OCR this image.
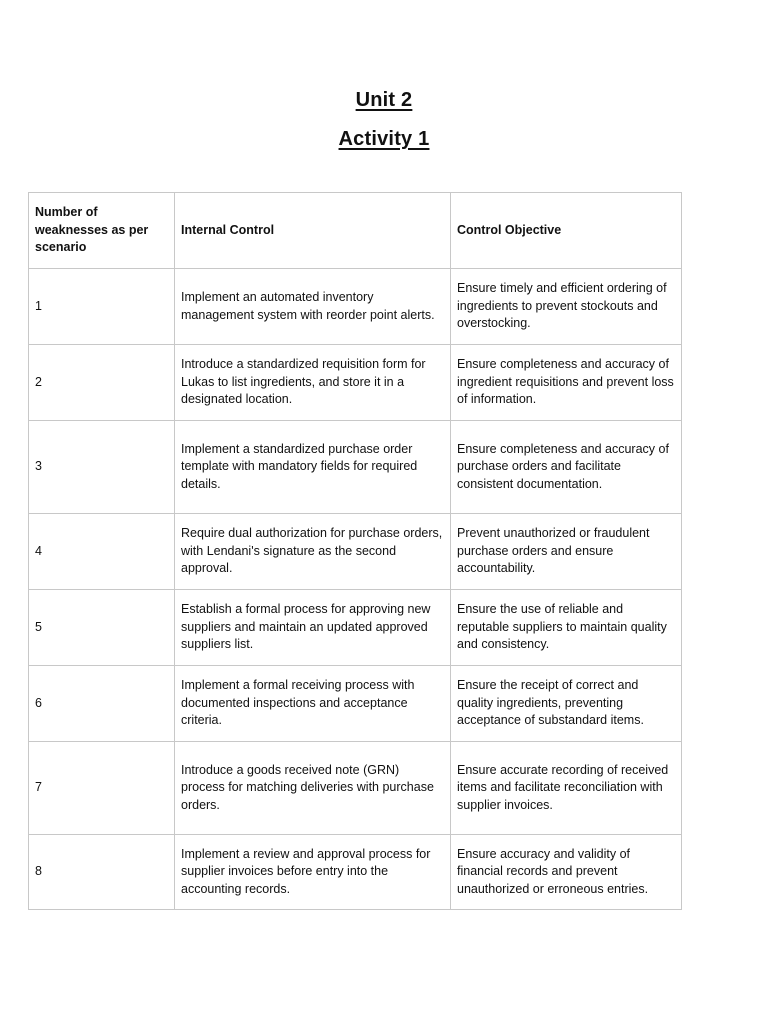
Unit 2
Activity 1
Number of weaknesses as per scenario	Internal Control	Control Objective
1	Implement an automated inventory management system with reorder point alerts.	Ensure timely and efficient ordering of ingredients to prevent stockouts and overstocking.
2	Introduce a standardized requisition form for Lukas to list ingredients, and store it in a designated location.	Ensure completeness and accuracy of ingredient requisitions and prevent loss of information.
3	Implement a standardized purchase order template with mandatory fields for required details.	Ensure completeness and accuracy of purchase orders and facilitate consistent documentation.
4	Require dual authorization for purchase orders, with Lendani's signature as the second approval.	Prevent unauthorized or fraudulent purchase orders and ensure accountability.
5	Establish a formal process for approving new suppliers and maintain an updated approved suppliers list.	Ensure the use of reliable and reputable suppliers to maintain quality and consistency.
6	Implement a formal receiving process with documented inspections and acceptance criteria.	Ensure the receipt of correct and quality ingredients, preventing acceptance of substandard items.
7	Introduce a goods received note (GRN) process for matching deliveries with purchase orders.	Ensure accurate recording of received items and facilitate reconciliation with supplier invoices.
8	Implement a review and approval process for supplier invoices before entry into the accounting records.	Ensure accuracy and validity of financial records and prevent unauthorized or erroneous entries.
